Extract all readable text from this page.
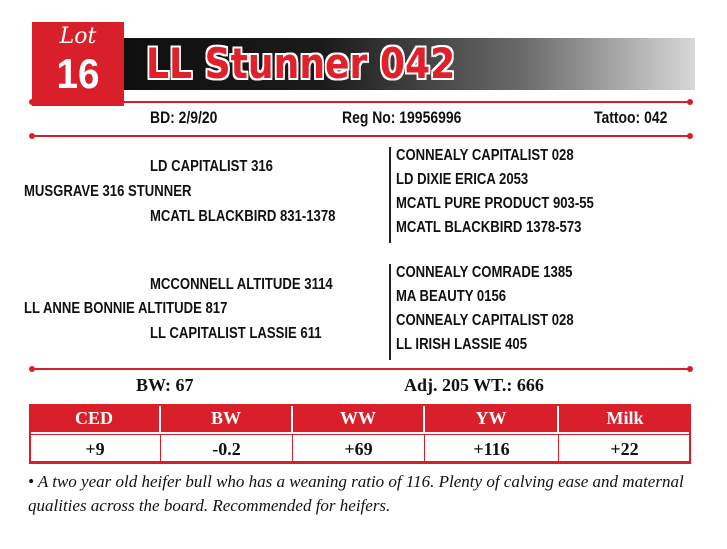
Lot
16	LL Stunner 042
BD: 2/9/20	Reg No: 19956996	Tattoo: 042
LD CAPITALIST 316
MUSGRAVE 316 STUNNER
MCATL BLACKBIRD 831-1378
CONNEALY CAPITALIST 028
LD DIXIE ERICA 2053
MCATL PURE PRODUCT 903-55
MCATL BLACKBIRD 1378-573
MCCONNELL ALTITUDE 3114
LL ANNE BONNIE ALTITUDE 817
LL CAPITALIST LASSIE 611
CONNEALY COMRADE 1385
MA BEAUTY 0156
CONNEALY CAPITALIST 028
LL IRISH LASSIE 405
BW: 67	Adj. 205 WT.: 666
CED	BW	WW	YW	Milk
+9	-0.2	+69	+116	+22
• A two year old heifer bull who has a weaning ratio of 116. Plenty of calving ease and maternal qualities across the board. Recommended for heifers.
